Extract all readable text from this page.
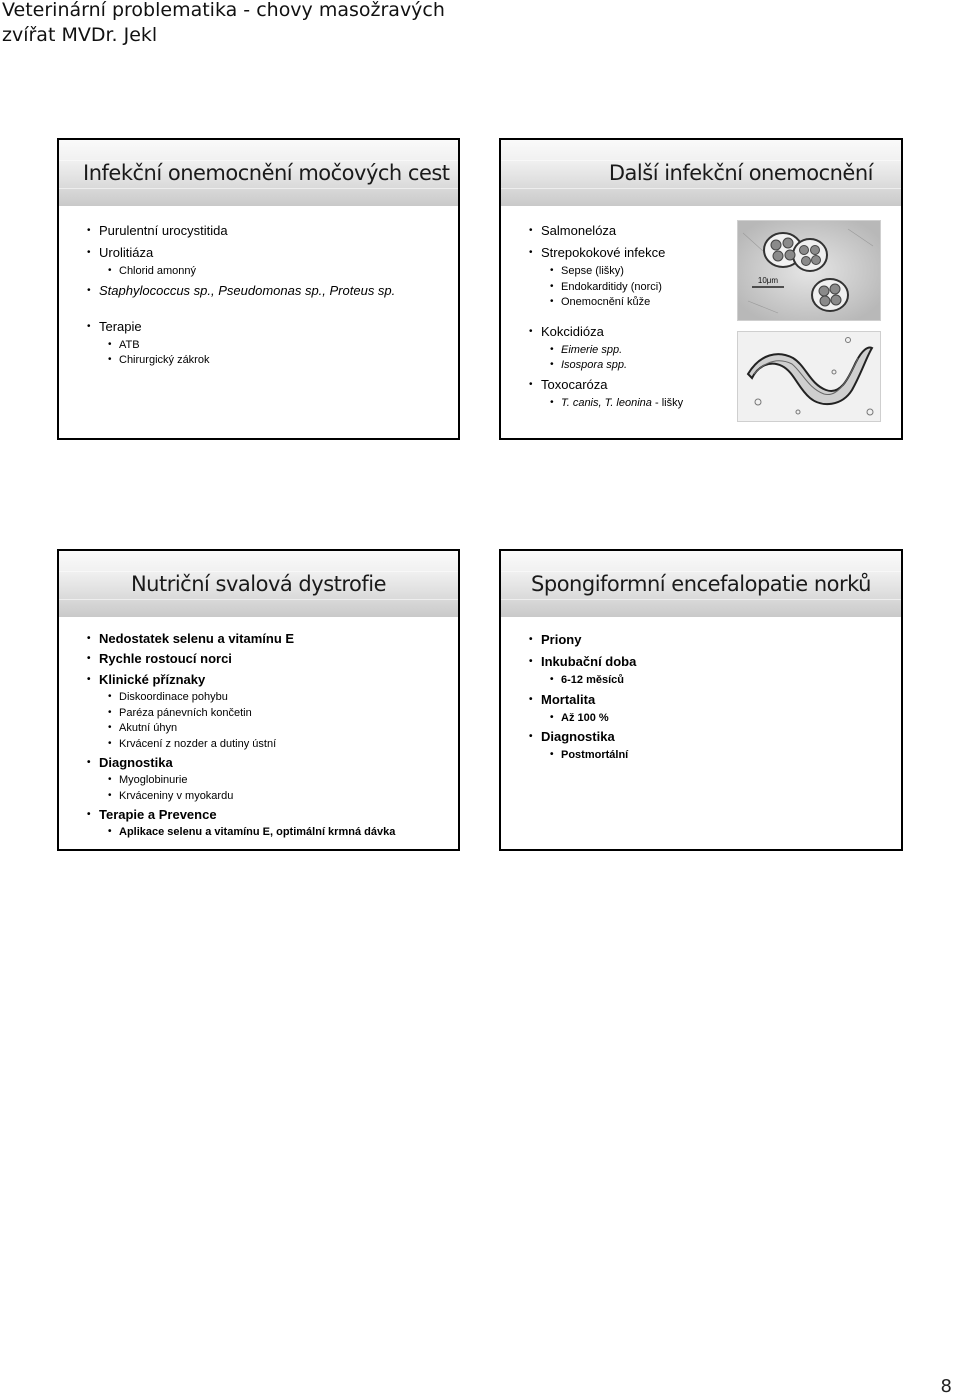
Veterinární problematika - chovy masožravých zvířat MVDr. Jekl
Infekční onemocnění močových cest
• Purulentní urocystitida
• Urolitiáza
• Chlorid amonný
• Staphylococcus sp., Pseudomonas sp., Proteus sp.
• Terapie
• ATB
• Chirurgický zákrok
Další infekční onemocnění
• Salmonelóza
• Strepokokové infekce
• Sepse (lišky)
• Endokarditidy (norci)
• Onemocnění kůže
• Kokcidióza
• Eimerie spp.
• Isospora spp.
• Toxocaróza
• T. canis, T. leonina - lišky
10μm
Nutriční svalová dystrofie
• Nedostatek selenu a vitamínu E
• Rychle rostoucí norci
• Klinické příznaky
• Diskoordinace pohybu
• Paréza pánevních končetin
• Akutní úhyn
• Krvácení z nozder a dutiny ústní
• Diagnostika
• Myoglobinurie
• Krváceniny v myokardu
• Terapie a Prevence
• Aplikace selenu a vitamínu E, optimální krmná dávka
Spongiformní encefalopatie norků
• Priony
• Inkubační doba
• 6-12 měsíců
• Mortalita
• Až 100 %
• Diagnostika
• Postmortální
8
